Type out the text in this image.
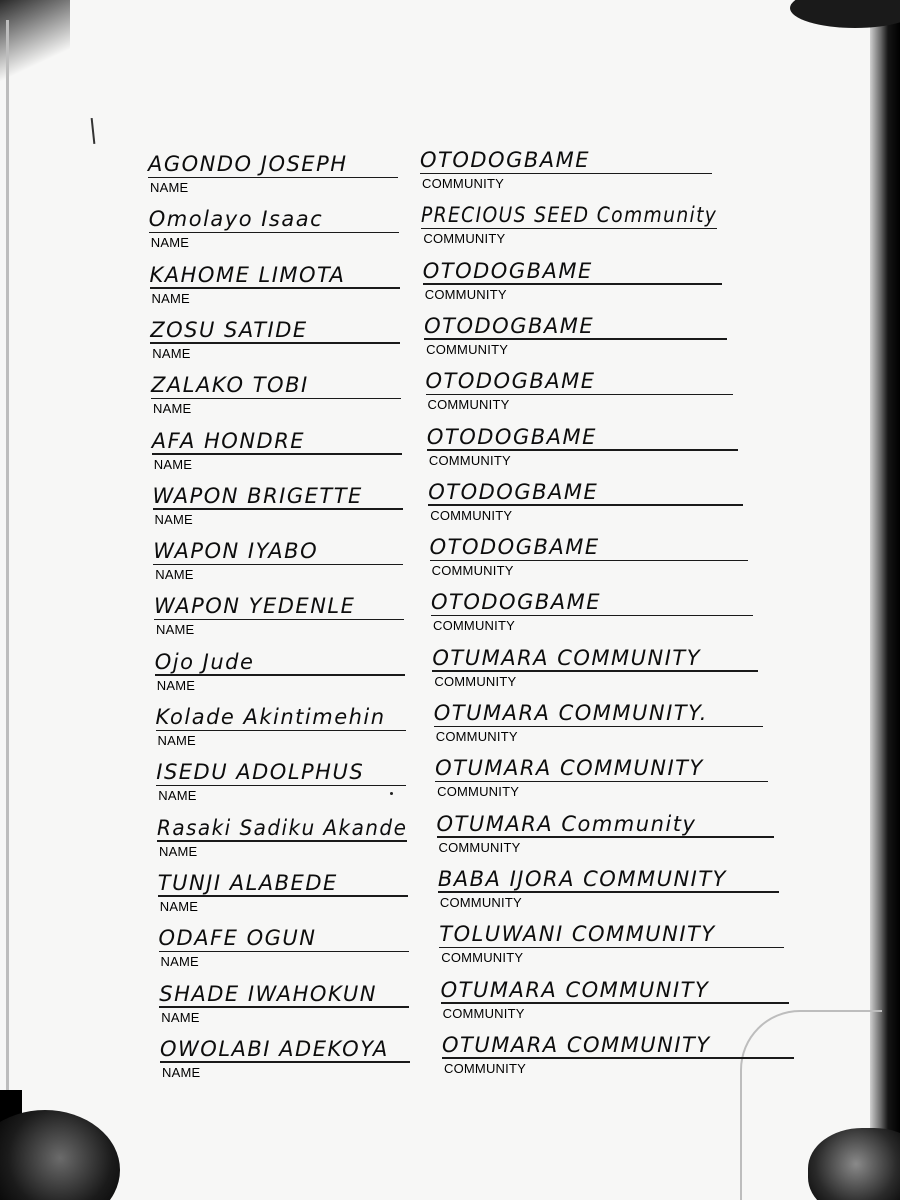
AGONDO JOSEPH
NAME
OTODOGBAME
COMMUNITY
Omolayo Isaac
NAME
PRECIOUS SEED Community
COMMUNITY
KAHOME LIMOTA
NAME
OTODOGBAME
COMMUNITY
ZOSU SATIDE
NAME
OTODOGBAME
COMMUNITY
ZALAKO TOBI
NAME
OTODOGBAME
COMMUNITY
AFA HONDRE
NAME
OTODOGBAME
COMMUNITY
WAPON BRIGETTE
NAME
OTODOGBAME
COMMUNITY
WAPON IYABO
NAME
OTODOGBAME
COMMUNITY
WAPON YEDENLE
NAME
OTODOGBAME
COMMUNITY
Ojo Jude
NAME
OTUMARA COMMUNITY
COMMUNITY
Kolade Akintimehin
NAME
OTUMARA COMMUNITY.
COMMUNITY
ISEDU ADOLPHUS
NAME
OTUMARA COMMUNITY
COMMUNITY
Rasaki Sadiku Akande
NAME
OTUMARA Community
COMMUNITY
TUNJI ALABEDE
NAME
BABA IJORA COMMUNITY
COMMUNITY
ODAFE OGUN
NAME
TOLUWANI COMMUNITY
COMMUNITY
SHADE IWAHOKUN
NAME
OTUMARA COMMUNITY
COMMUNITY
OWOLABI ADEKOYA
NAME
OTUMARA COMMUNITY
COMMUNITY
